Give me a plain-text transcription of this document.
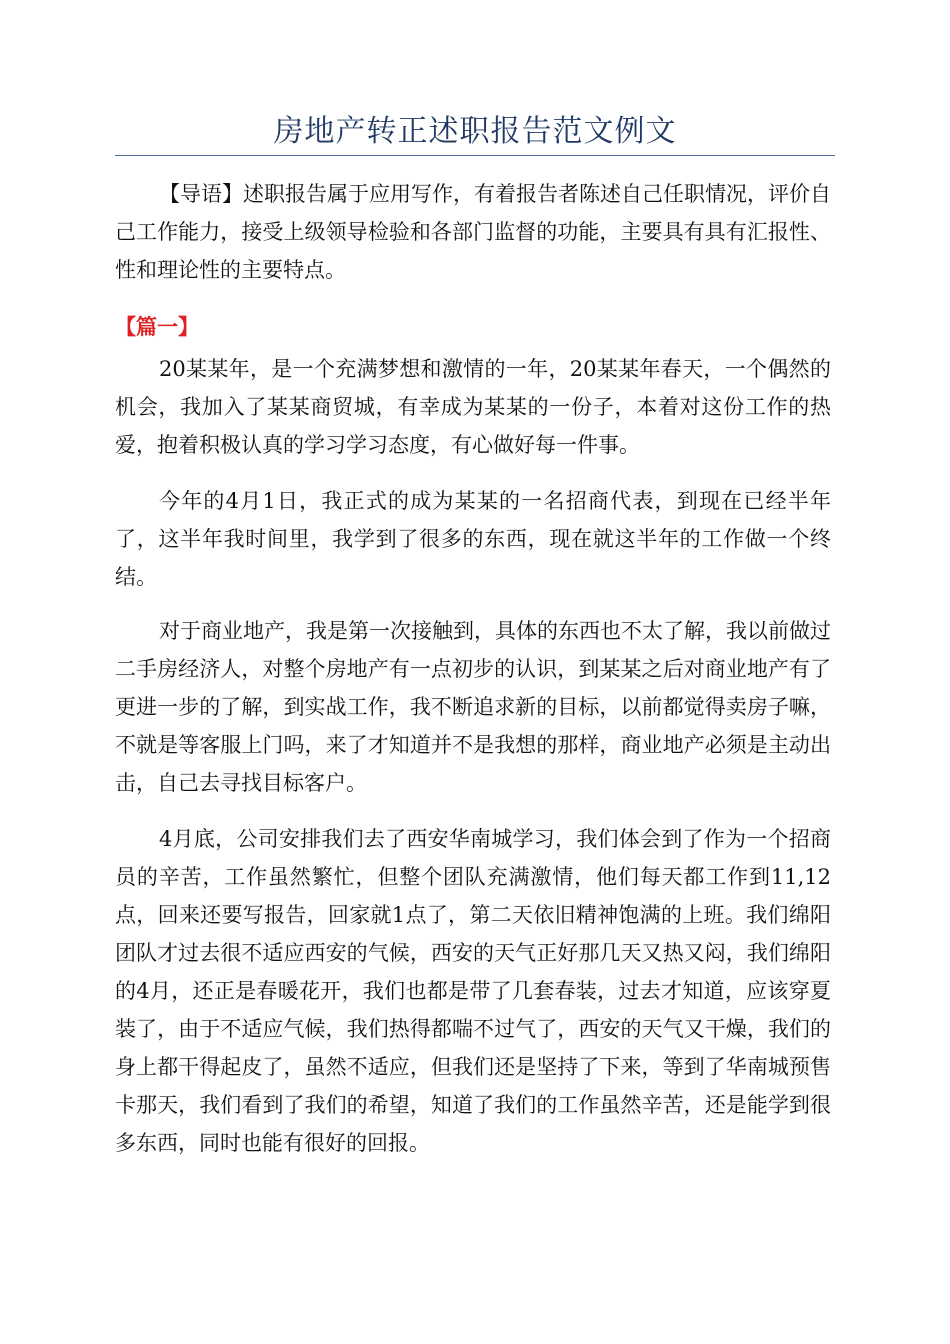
房地产转正述职报告范文例文

【导语】述职报告属于应用写作，有着报告者陈述自己任职情况，评价自己工作能力，接受上级领导检验和各部门监督的功能，主要具有具有汇报性、性和理论性的主要特点。

【篇一】

20某某年，是一个充满梦想和激情的一年，20某某年春天，一个偶然的机会，我加入了某某商贸城，有幸成为某某的一份子，本着对这份工作的热爱，抱着积极认真的学习学习态度，有心做好每一件事。

今年的4月1日，我正式的成为某某的一名招商代表，到现在已经半年了，这半年我时间里，我学到了很多的东西，现在就这半年的工作做一个终结。

对于商业地产，我是第一次接触到，具体的东西也不太了解，我以前做过二手房经济人，对整个房地产有一点初步的认识，到某某之后对商业地产有了更进一步的了解，到实战工作，我不断追求新的目标，以前都觉得卖房子嘛，不就是等客服上门吗，来了才知道并不是我想的那样，商业地产必须是主动出击，自己去寻找目标客户。

4月底，公司安排我们去了西安华南城学习，我们体会到了作为一个招商员的辛苦，工作虽然繁忙，但整个团队充满激情，他们每天都工作到11,12点，回来还要写报告，回家就1点了，第二天依旧精神饱满的上班。我们绵阳团队才过去很不适应西安的气候，西安的天气正好那几天又热又闷，我们绵阳的4月，还正是春暖花开，我们也都是带了几套春装，过去才知道，应该穿夏装了，由于不适应气候，我们热得都喘不过气了，西安的天气又干燥，我们的身上都干得起皮了，虽然不适应，但我们还是坚持了下来，等到了华南城预售卡那天，我们看到了我们的希望，知道了我们的工作虽然辛苦，还是能学到很多东西，同时也能有很好的回报。
